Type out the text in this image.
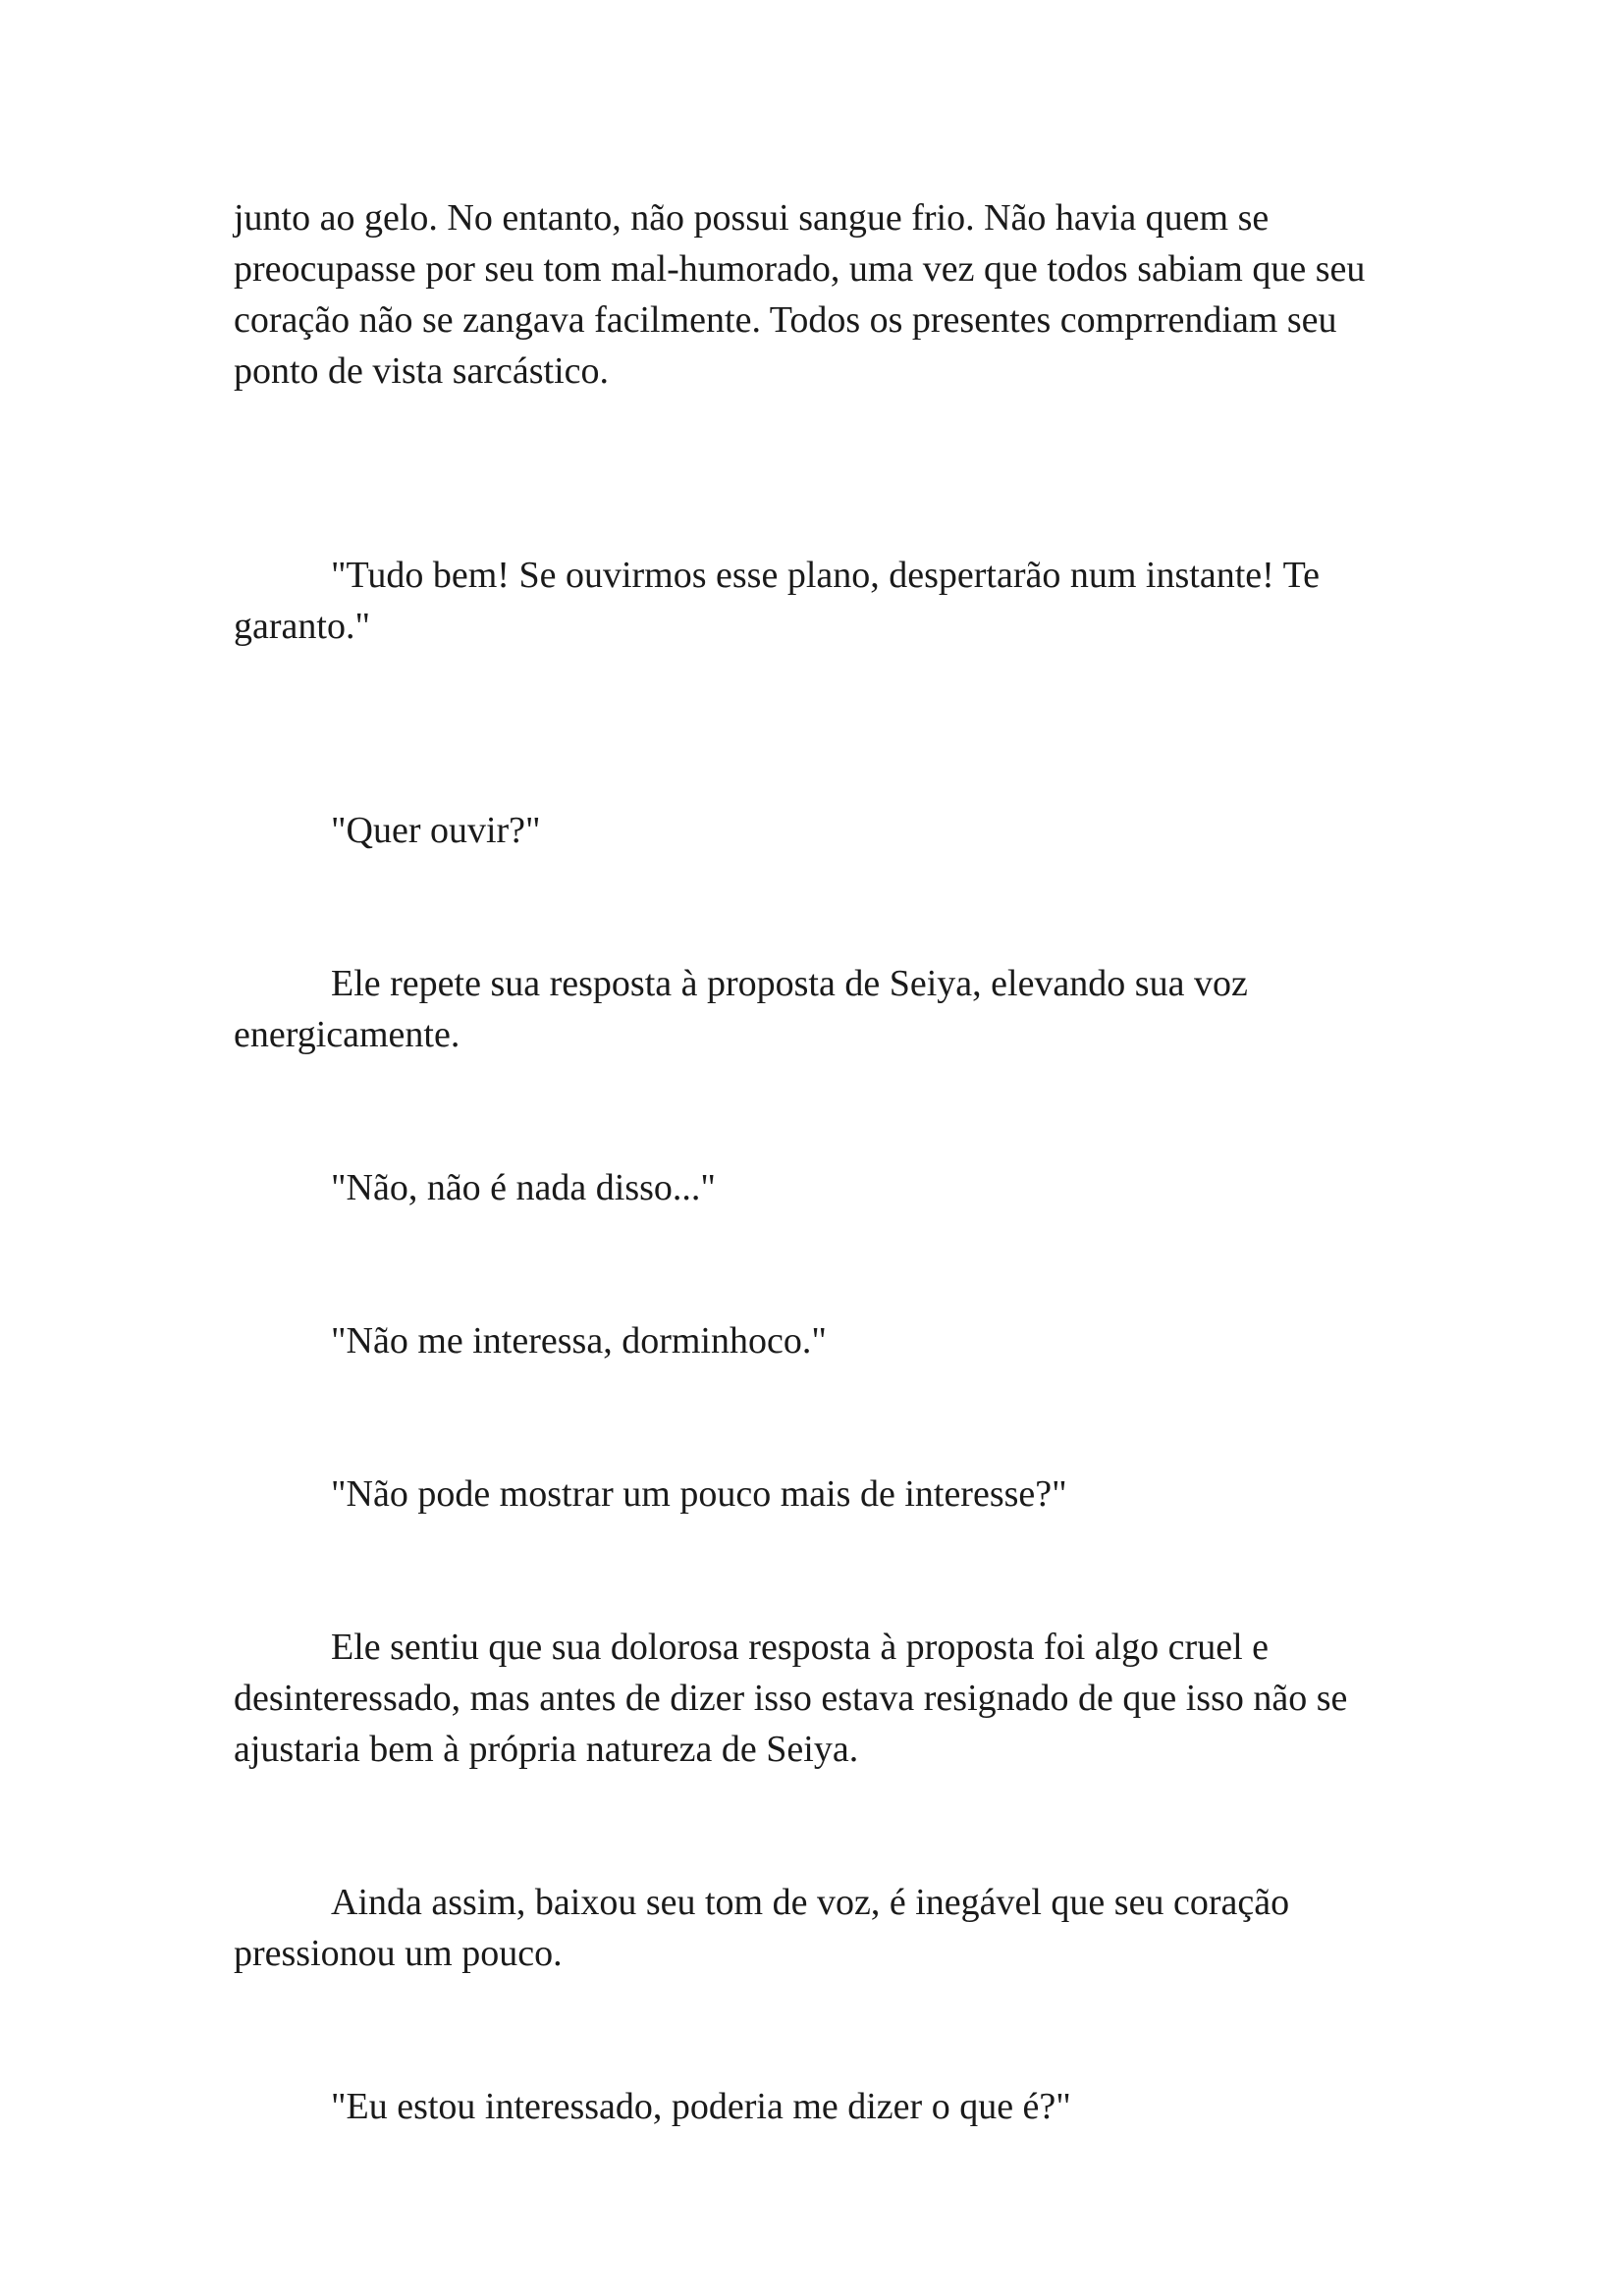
junto ao gelo. No entanto, não possui sangue frio. Não havia quem se preocupasse por seu tom mal-humorado, uma vez que todos sabiam que seu coração não se zangava facilmente. Todos os presentes comprrendiam seu ponto de vista sarcástico.

"Tudo bem! Se ouvirmos esse plano, despertarão num instante! Te garanto."

"Quer ouvir?"

Ele repete sua resposta à proposta de Seiya, elevando sua voz energicamente.

"Não, não é nada disso..."

"Não me interessa, dorminhoco."

"Não pode mostrar um pouco mais de interesse?"

Ele sentiu que sua dolorosa resposta à proposta foi algo cruel e desinteressado, mas antes de dizer isso estava resignado de que isso não se ajustaria bem à própria natureza de Seiya.

Ainda assim, baixou seu tom de voz, é inegável que seu coração pressionou um pouco.

"Eu estou interessado, poderia me dizer o que é?"
